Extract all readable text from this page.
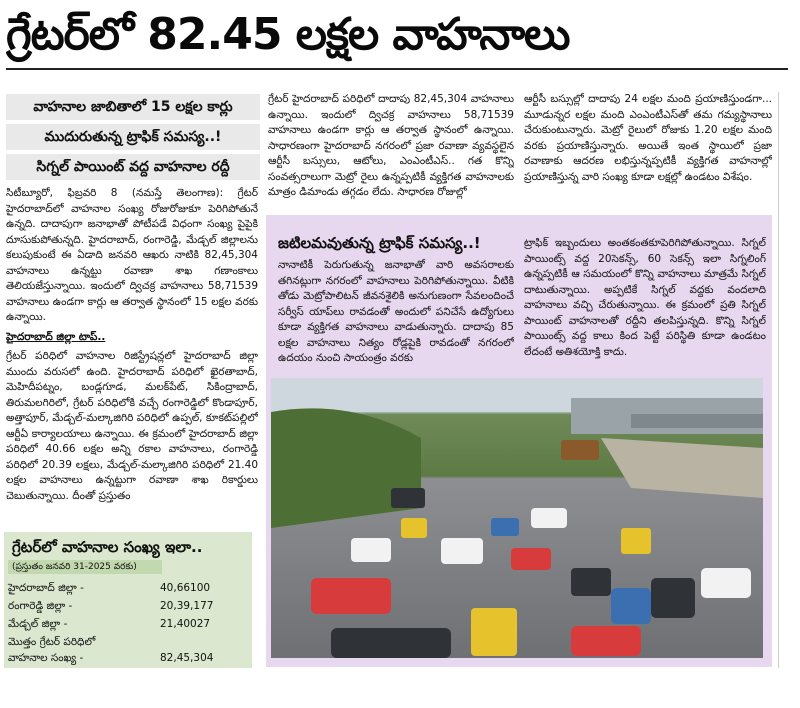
గ్రేటర్‌లో 82.45 లక్షల వాహనాలు
వాహనాల జాబితాలో 15 లక్షల కార్లు
ముదురుతున్న ట్రాఫిక్‌ సమస్య..!
సిగ్నల్‌ పాయింట్‌ వద్ద వాహనాల రద్దీ

సిటీబ్యూరో, ఫిబ్రవరి 8 (నమస్తే తెలంగాణ): గ్రేటర్‌ హైదరాబాద్‌లో వాహనాల సంఖ్య రోజురోజుకూ పెరిగిపోతునే ఉన్నది. దాదాపుగా జనాభాతో పోటీపడే విధంగా సంఖ్య పైపైకి దూసుకుపోతున్నది. హైదరాబాద్‌, రంగారెడ్డి, మేడ్చల్‌ జిల్లాలను కలుపుకుంటే ఈ ఏడాది జనవరి ఆఖరు నాటికి 82,45,304 వాహనాలు ఉన్నట్టు రవాణా శాఖ గణాంకాలు తెలియజేస్తున్నాయి. ఇందులో ద్విచక్ర వాహనాలు 58,71539 వాహనాలు ఉండగా కార్లు ఆ తర్వాత స్థానంలో 15 లక్షల వరకు ఉన్నాయి.

హైదరాబాద్‌ జిల్లా టాప్‌..

గ్రేటర్‌ పరిధిలో వాహనాల రిజిస్ట్రేషన్లలో హైదరాబాద్‌ జిల్లా ముందు వరుసలో ఉంది. హైదరాబాద్‌ పరిధిలో ఖైరతాబాద్‌, మెహిదీపట్నం, బండ్లగూడ, మలక్‌పేట్‌, సికింద్రాబాద్‌, తిరుమలగిరిలో, గ్రేటర్‌ పరిధిలోకి వచ్చే రంగారెడ్డిలో కొండాపూర్‌, అత్తాపూర్‌, మేడ్చల్‌-మల్కాజిగిరి పరిధిలో ఉప్పల్‌, కూకట్‌పల్లిలో ఆర్టీఏ కార్యాలయాలు ఉన్నాయి. ఈ క్రమంలో హైదరాబాద్‌ జిల్లా పరిధిలో 40.66 లక్షల అన్ని రకాల వాహనాలు, రంగారెడ్డి పరిధిలో 20.39 లక్షలు, మేడ్చల్‌-మల్కాజిగిరి పరిధిలో 21.40 లక్షల వాహనాలు ఉన్నట్టుగా రవాణా శాఖ రికార్డులు చెబుతున్నాయి. దీంతో ప్రస్తుతం

గ్రేటర్‌ హైదరాబాద్‌ పరిధిలో దాదాపు 82,45,304 వాహనాలు ఉన్నాయి. ఇందులో ద్విచక్ర వాహనాలు 58,71539 వాహనాలు ఉండగా కార్లు ఆ తర్వాత స్థానంలో ఉన్నాయి. సాధారణంగా హైదరాబాద్‌ నగరంలో ప్రజా రవాణా వ్యవస్థలైన ఆర్టీసీ బస్సులు, ఆటోలు, ఎంఎంటీఎస్‌.. గత కొన్ని సంవత్సరాలుగా మెట్రో రైలు ఉన్నప్పటికీ వ్యక్తిగత వాహనాలకు మాత్రం డిమాండు తగ్గడం లేదు. సాధారణ రోజుల్లో
ఆర్టీసీ బస్సుల్లో దాదాపు 24 లక్షల మంది ప్రయాణిస్తుండగా... మూడున్నర లక్షల మంది ఎంఎంటీఎస్‌తో తమ గమ్యస్థానాలు చేరుకుంటున్నారు. మెట్రో రైలులో రోజుకు 1.20 లక్షల మంది వరకు ప్రయాణిస్తున్నారు. అయితే ఇంత స్థాయిలో ప్రజా రవాణాకు ఆదరణ లభిస్తున్నప్పటికీ వ్యక్తిగత వాహనాల్లో ప్రయాణిస్తున్న వారి సంఖ్య కూడా లక్షల్లో ఉండటం విశేషం.
జటిలమవుతున్న ట్రాఫిక్‌ సమస్య..!
నానాటికీ పెరుగుతున్న జనాభాతో వారి అవసరాలకు తగినట్లుగా నగరంలో వాహనాలు పెరిగిపోతున్నాయి. వీటికి తోడు మెట్రోపాలిటన్‌ జీవనశైలికి అనుగుణంగా సేవలందించే సర్వీస్‌ యాప్‌లు రావడంతో అందులో పనిచేసే ఉద్యోగులు కూడా వ్యక్తిగత వాహనాలు వాడుతున్నారు. దాదాపు 85 లక్షల వాహనాలు నిత్యం రోడ్లపైకి రావడంతో నగరంలో ఉదయం నుంచి సాయంత్రం వరకు
ట్రాఫిక్‌ ఇబ్బందులు అంతకంతకూపెరిగిపోతున్నాయి. సిగ్నల్‌ పాయింట్స్‌ వద్ద 20సెకన్స్‌, 60 సెకన్స్‌ ఇలా సిగ్నలింగ్‌ ఉన్నప్పటికీ ఆ సమయంలో కొన్ని వాహనాలు మాత్రమే సిగ్నల్‌ దాటుతున్నాయి. అప్పటికే సిగ్నల్‌ వద్దకు వందలాది వాహనాలు వచ్చి చేరుతున్నాయి. ఈ క్రమంలో ప్రతి సిగ్నల్‌ పాయింట్‌ వాహనాలతో రద్దీని తలపిస్తున్నది. కొన్ని సిగ్నల్‌ పాయింట్స్‌ వద్ద కాలు కింద పెట్టే పరిస్థితి కూడా ఉండటం లేదంటే అతిశయోక్తి కాదు.
గ్రేటర్‌లో వాహనాల సంఖ్య ఇలా..
(ప్రస్తుతం జనవరి 31-2025 వరకు)
హైదరాబాద్‌ జిల్లా -	40,66100
రంగారెడ్డి జిల్లా -	20,39,177
మేడ్చల్‌ జిల్లా -	21,40027
మొత్తం గ్రేటర్‌ పరిధిలో
వాహనాల సంఖ్య -	82,45,304
